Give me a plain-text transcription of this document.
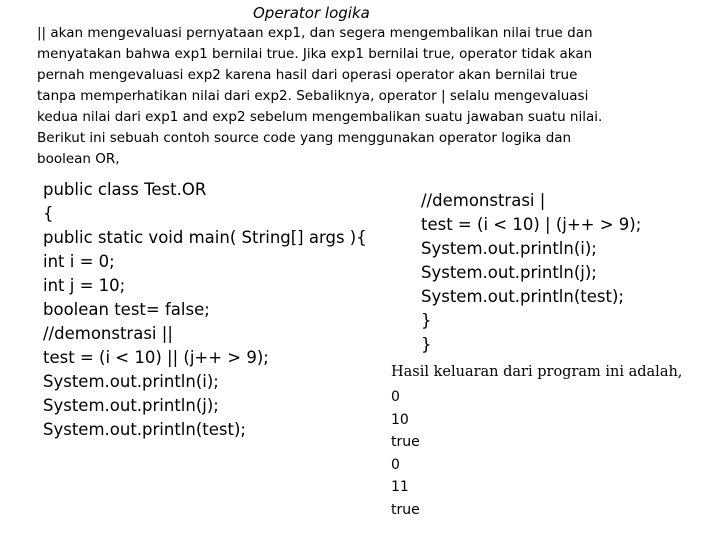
Operator logika
|| akan mengevaluasi pernyataan exp1, dan segera mengembalikan nilai true dan
menyatakan bahwa exp1 bernilai true. Jika exp1 bernilai true, operator tidak akan
pernah mengevaluasi exp2 karena hasil dari operasi operator akan bernilai true
tanpa memperhatikan nilai dari exp2. Sebaliknya, operator | selalu mengevaluasi
kedua nilai dari exp1 and exp2 sebelum mengembalikan suatu jawaban suatu nilai.
Berikut ini sebuah contoh source code yang menggunakan operator logika dan
boolean OR,
public class Test.OR
{
public static void main( String[] args ){
int i = 0;
int j = 10;
boolean test= false;
//demonstrasi ||
test = (i < 10) || (j++ > 9);
System.out.println(i);
System.out.println(j);
System.out.println(test);
//demonstrasi |
test = (i < 10) | (j++ > 9);
System.out.println(i);
System.out.println(j);
System.out.println(test);
}
}
Hasil keluaran dari program ini adalah,
0
10
true
0
11
true
